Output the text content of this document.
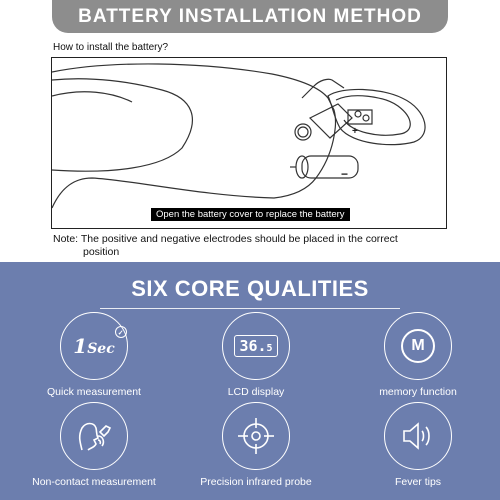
BATTERY INSTALLATION METHOD
How to install the battery?
Open the battery cover to replace the battery
Note: The positive and negative electrodes should be placed in the correct
position
SIX CORE QUALITIES
1Sec
✓
Quick measurement
36.5
LCD display
M
memory function
Non-contact measurement	Precision infrared probe	Fever tips
+
−
